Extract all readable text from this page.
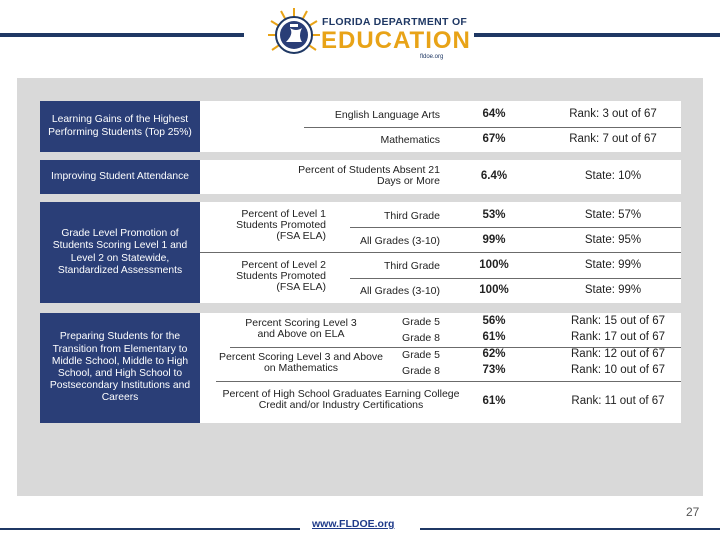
FLORIDA DEPARTMENT OF
EDUCATION
fldoe.org
Learning Gains of the Highest Performing Students (Top 25%)
English Language Arts	64%	Rank: 3 out of 67
Mathematics	67%	Rank: 7 out of 67
Improving Student Attendance
Percent of Students Absent 21 Days or More	6.4%	State: 10%
Grade Level Promotion of Students Scoring Level 1 and Level 2 on Statewide, Standardized Assessments
Percent of Level 1 Students Promoted (FSA ELA)
Third Grade	53%	State: 57%
All Grades (3-10)	99%	State: 95%
Percent of Level 2 Students Promoted (FSA ELA)
Third Grade	100%	State: 99%
All Grades (3-10)	100%	State: 99%
Preparing Students for the Transition from Elementary to Middle School, Middle to High School, and High School to Postsecondary Institutions and Careers
Percent Scoring Level 3 and Above on ELA
Grade 5	56%	Rank: 15 out of 67
Grade 8	61%	Rank: 17 out of 67
Percent Scoring Level 3 and Above on Mathematics
Grade 5	62%	Rank: 12 out of 67
Grade 8	73%	Rank: 10 out of 67
Percent of High School Graduates Earning College Credit and/or Industry Certifications	61%	Rank: 11 out of 67
www.FLDOE.org
27
